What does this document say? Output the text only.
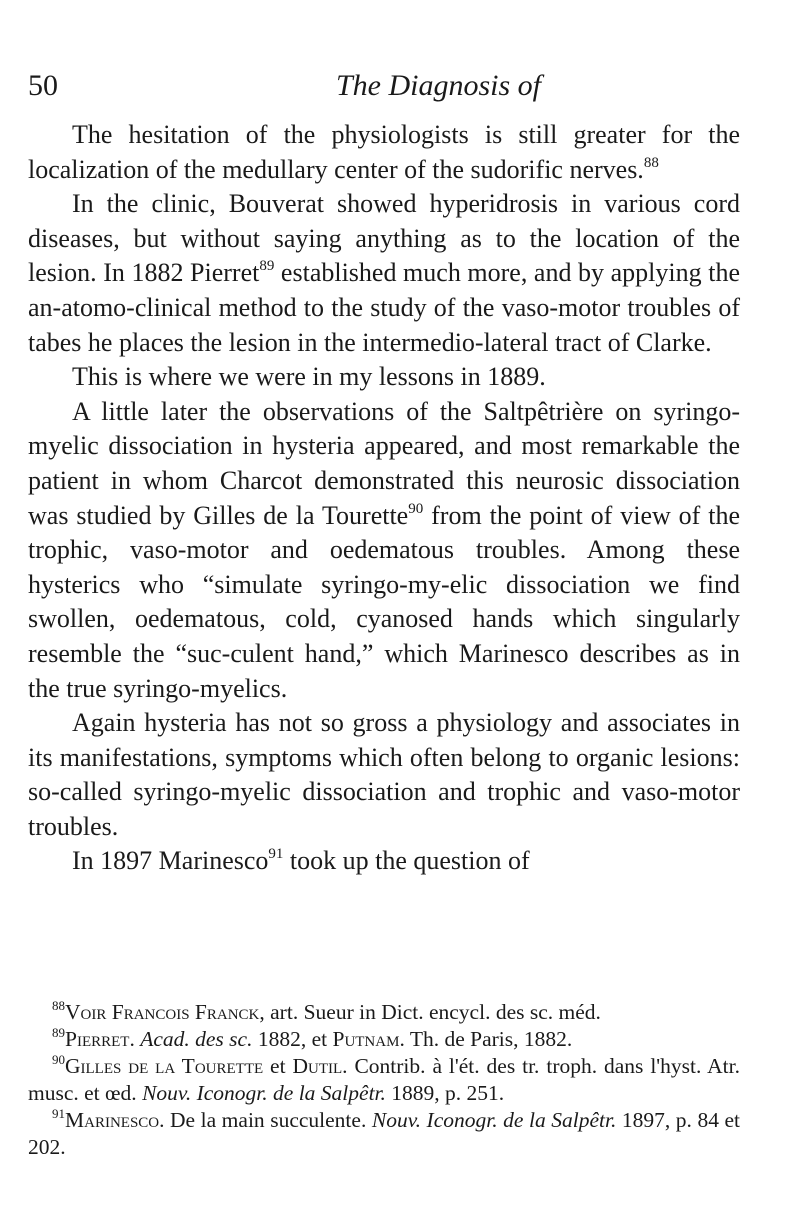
50	The Diagnosis of

The hesitation of the physiologists is still greater for the localization of the medullary center of the sudorific nerves.$^{88}$

In the clinic, Bouverat showed hyperidrosis in various cord diseases, but without saying anything as to the location of the lesion. In 1882 Pierret$^{89}$ established much more, and by applying the an-atomo-clinical method to the study of the vaso-motor troubles of tabes he places the lesion in the intermedio-lateral tract of Clarke.

This is where we were in my lessons in 1889.

A little later the observations of the Saltpêtrière on syringo-myelic dissociation in hysteria appeared, and most remarkable the patient in whom Charcot demonstrated this neurosic dissociation was studied by Gilles de la Tourette$^{90}$ from the point of view of the trophic, vaso-motor and oedematous troubles. Among these hysterics who “simulate syringo-my-elic dissociation we find swollen, oedematous, cold, cyanosed hands which singularly resemble the “suc-culent hand,” which Marinesco describes as in the true syringo-myelics.

Again hysteria has not so gross a physiology and associates in its manifestations, symptoms which often belong to organic lesions: so-called syringo-myelic dissociation and trophic and vaso-motor troubles.

In 1897 Marinesco$^{91}$ took up the question of

$^{88}$Voir Francois Franck, art. Sueur in Dict. encycl. des sc. méd.

$^{89}$Pierret. Acad. des sc. 1882, et Putnam. Th. de Paris, 1882.

$^{90}$Gilles de la Tourette et Dutil. Contrib. à l'ét. des tr. troph. dans l'hyst. Atr. musc. et œd. Nouv. Iconogr. de la Salpêtr. 1889, p. 251.

$^{91}$Marinesco. De la main succulente. Nouv. Iconogr. de la Salpêtr. 1897, p. 84 et 202.
